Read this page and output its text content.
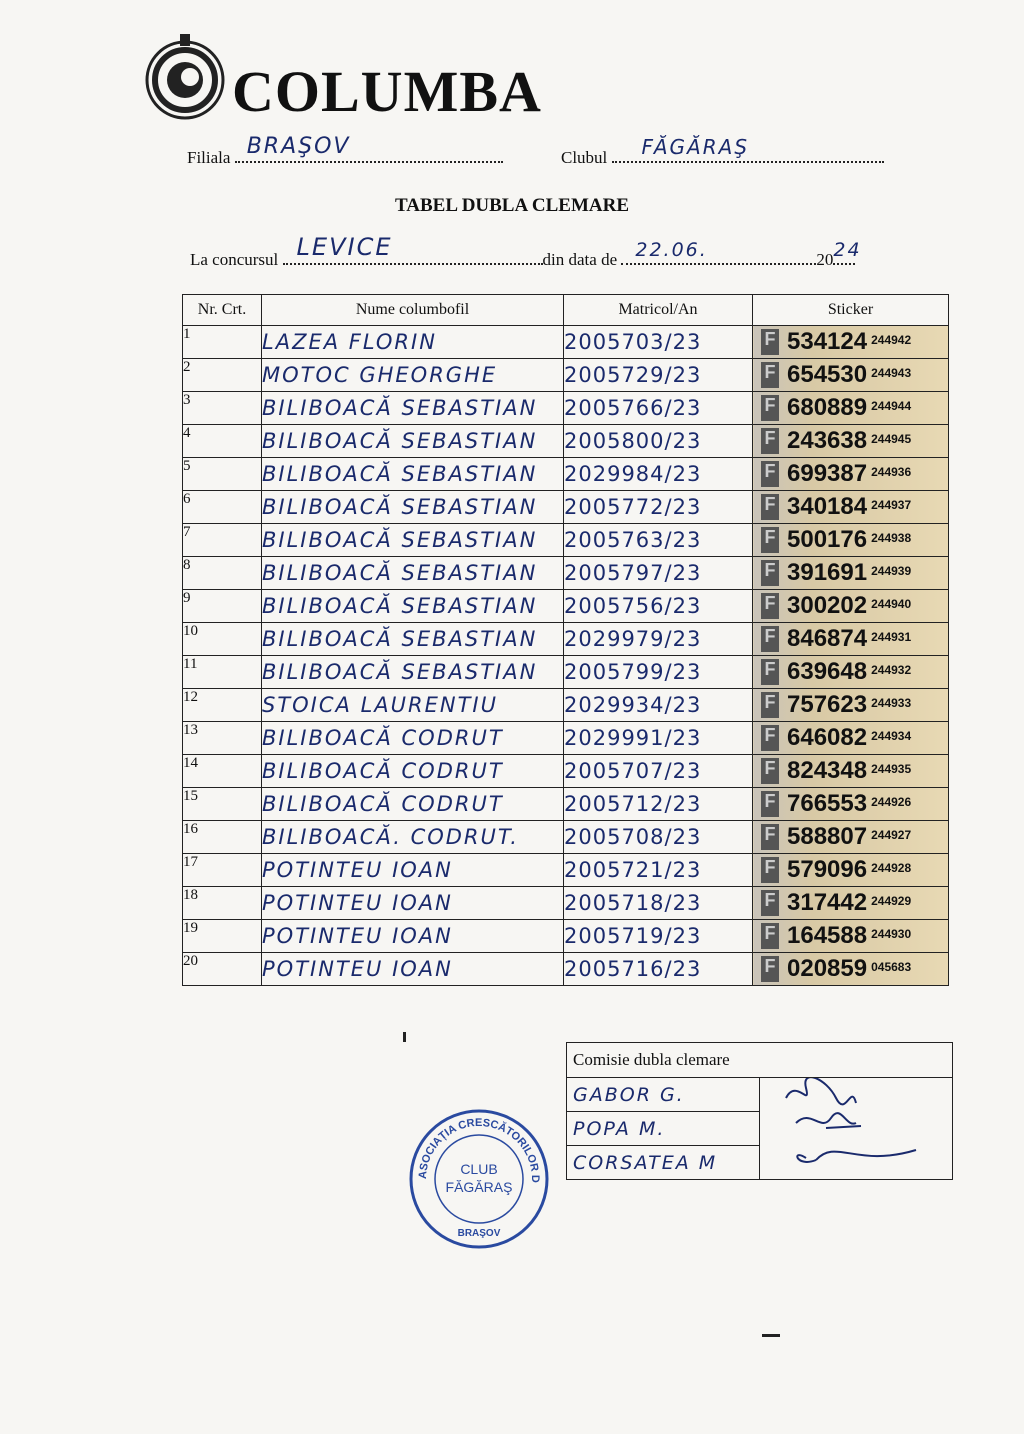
COLUMBA
Filiala BRAŞOV	Clubul FĂGĂRAŞ
TABEL DUBLA CLEMARE
La concursul LEVICE	din data de 22.06.	20 24
Nr. Crt.	Nume columbofil	Matricol/An	Sticker
1	LAZEA FLORIN	2005703/23	F 534124 $^{244942}$
2	MOTOC GHEORGHE	2005729/23	F 654530 $^{244943}$
3	BILIBOACĂ SEBASTIAN	2005766/23	F 680889 $^{244944}$
4	BILIBOACĂ SEBASTIAN	2005800/23	F 243638 $^{244945}$
5	BILIBOACĂ SEBASTIAN	2029984/23	F 699387 $^{244936}$
6	BILIBOACĂ SEBASTIAN	2005772/23	F 340184 $^{244937}$
7	BILIBOACĂ SEBASTIAN	2005763/23	F 500176 $^{244938}$
8	BILIBOACĂ SEBASTIAN	2005797/23	F 391691 $^{244939}$
9	BILIBOACĂ SEBASTIAN	2005756/23	F 300202 $^{244940}$
10	BILIBOACĂ SEBASTIAN	2029979/23	F 846874 $^{244931}$
11	BILIBOACĂ SEBASTIAN	2005799/23	F 639648 $^{244932}$
12	STOICA LAURENTIU	2029934/23	F 757623 $^{244933}$
13	BILIBOACĂ CODRUT	2029991/23	F 646082 $^{244934}$
14	BILIBOACĂ CODRUT	2005707/23	F 824348 $^{244935}$
15	BILIBOACĂ CODRUT	2005712/23	F 766553 $^{244926}$
16	BILIBOACĂ. CODRUT.	2005708/23	F 588807 $^{244927}$
17	POTINTEU IOAN	2005721/23	F 579096 $^{244928}$
18	POTINTEU IOAN	2005718/23	F 317442 $^{244929}$
19	POTINTEU IOAN	2005719/23	F 164588 $^{244930}$
20	POTINTEU IOAN	2005716/23	F 020859 $^{045683}$
Comisie dubla clemare
GABOR G.	
POPA M.
CORSATEA M
ASOCIAȚIA CRESCĂTORILOR D
CLUB
FĂGĂRAŞ
BRAŞOV
